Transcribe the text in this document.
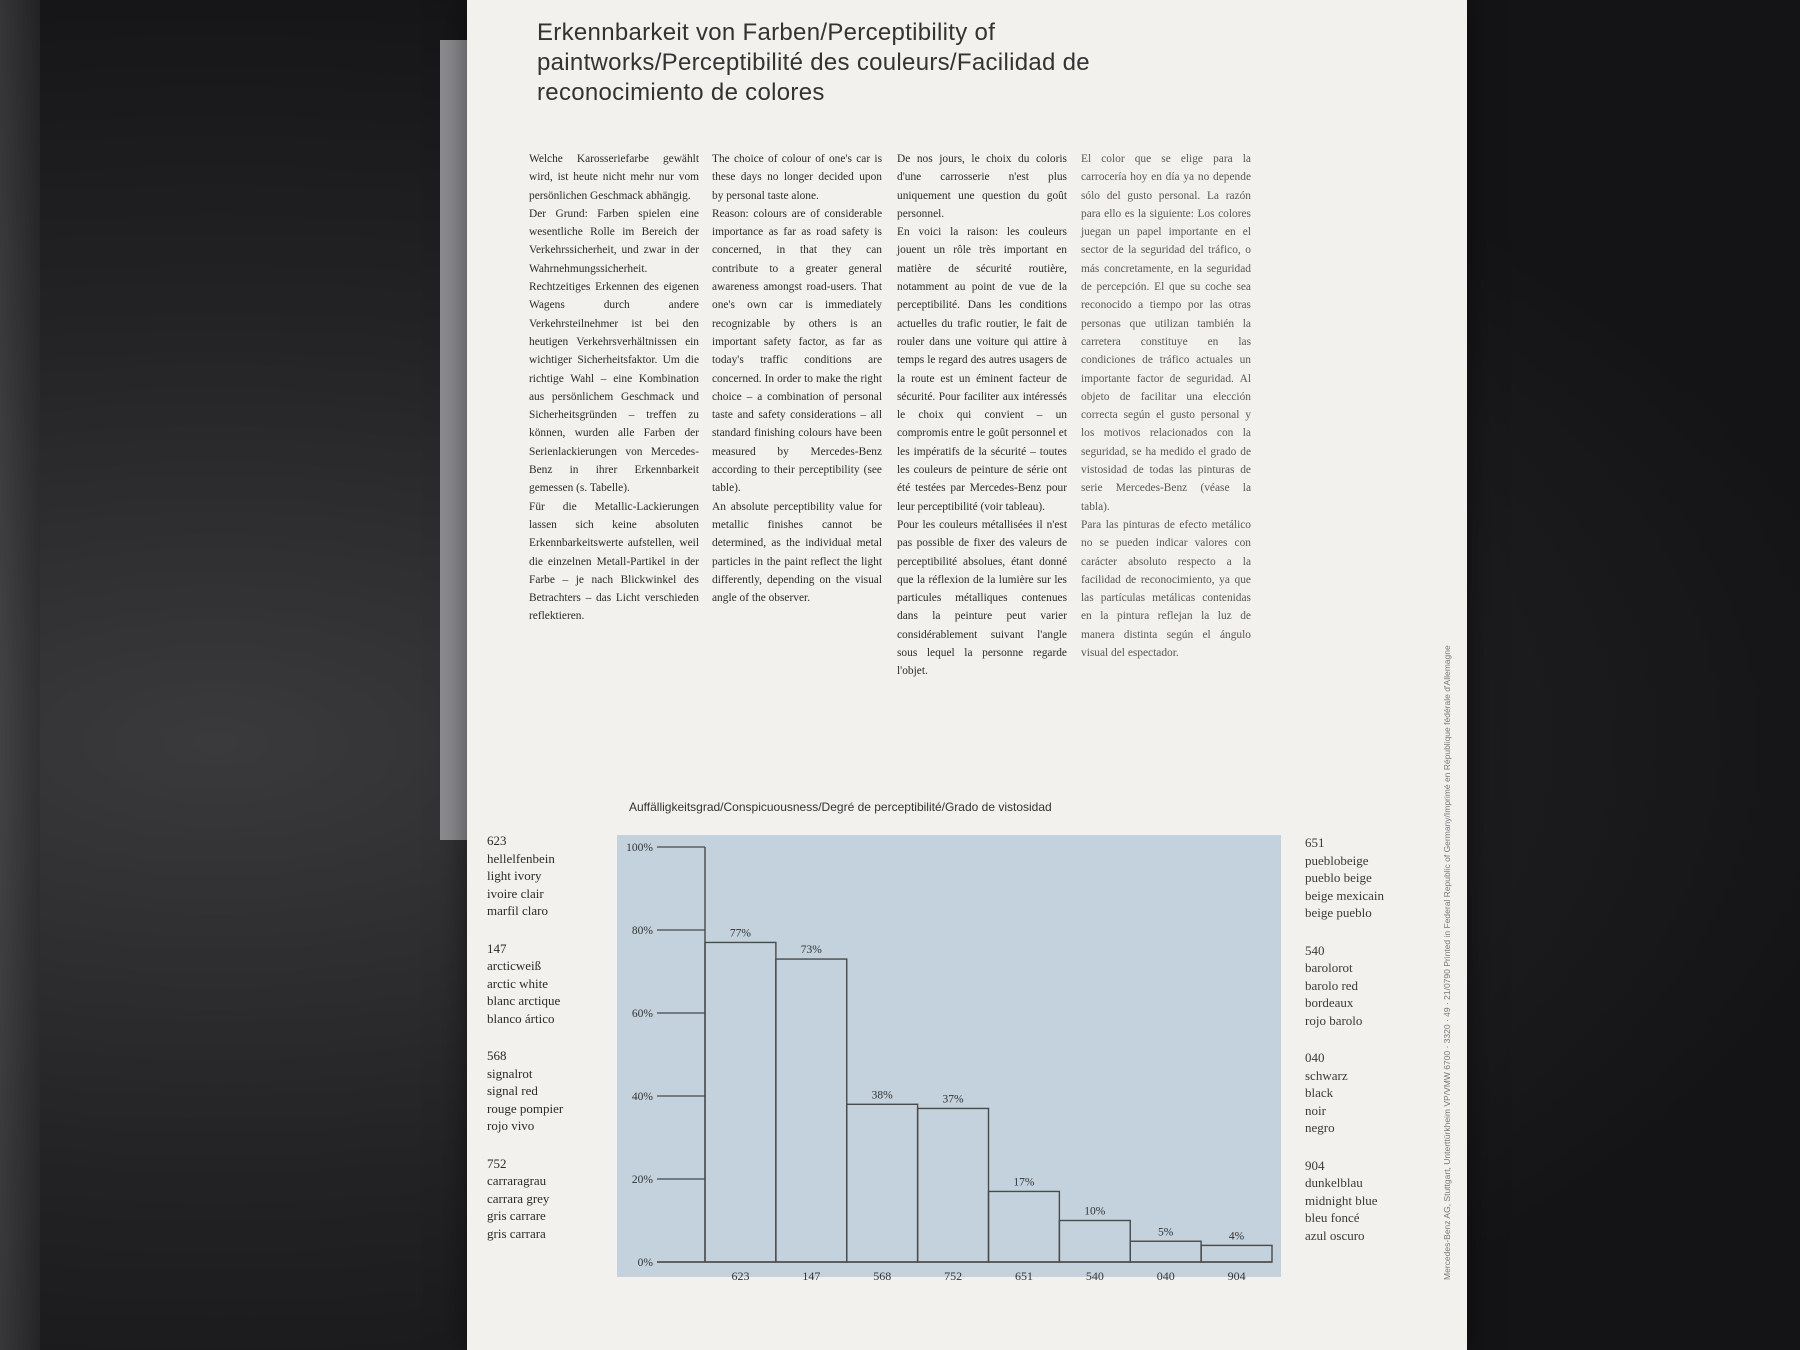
Erkennbarkeit von Farben/Perceptibility of
paintworks/Perceptibilité des couleurs/Facilidad de
reconocimiento de colores

Welche Karosseriefarbe gewählt wird, ist heute nicht mehr nur vom persönlichen Geschmack abhängig.

Der Grund: Farben spielen eine wesentliche Rolle im Bereich der Verkehrssicherheit, und zwar in der Wahrnehmungssicherheit. Rechtzeitiges Erkennen des eigenen Wagens durch andere Verkehrsteilnehmer ist bei den heutigen Verkehrsverhältnissen ein wichtiger Sicherheitsfaktor. Um die richtige Wahl – eine Kombination aus persönlichem Geschmack und Sicherheitsgründen – treffen zu können, wurden alle Farben der Serienlackierungen von Mercedes-Benz in ihrer Erkennbarkeit gemessen (s. Tabelle).

Für die Metallic-Lackierungen lassen sich keine absoluten Erkennbarkeitswerte aufstellen, weil die einzelnen Metall-Partikel in der Farbe – je nach Blickwinkel des Betrachters – das Licht verschieden reflektieren.

The choice of colour of one's car is these days no longer decided upon by personal taste alone.

Reason: colours are of considerable importance as far as road safety is concerned, in that they can contribute to a greater general awareness amongst road-users. That one's own car is immediately recognizable by others is an important safety factor, as far as today's traffic conditions are concerned. In order to make the right choice – a combination of personal taste and safety considerations – all standard finishing colours have been measured by Mercedes-Benz according to their perceptibility (see table).

An absolute perceptibility value for metallic finishes cannot be determined, as the individual metal particles in the paint reflect the light differently, depending on the visual angle of the observer.

De nos jours, le choix du coloris d'une carrosserie n'est plus uniquement une question du goût personnel.

En voici la raison: les couleurs jouent un rôle très important en matière de sécurité routière, notamment au point de vue de la perceptibilité. Dans les conditions actuelles du trafic routier, le fait de rouler dans une voiture qui attire à temps le regard des autres usagers de la route est un éminent facteur de sécurité. Pour faciliter aux intéressés le choix qui convient – un compromis entre le goût personnel et les impératifs de la sécurité – toutes les couleurs de peinture de série ont été testées par Mercedes-Benz pour leur perceptibilité (voir tableau).

Pour les couleurs métallisées il n'est pas possible de fixer des valeurs de perceptibilité absolues, étant donné que la réflexion de la lumière sur les particules métalliques contenues dans la peinture peut varier considérablement suivant l'angle sous lequel la personne regarde l'objet.

El color que se elige para la carrocería hoy en día ya no depende sólo del gusto personal. La razón para ello es la siguiente: Los colores juegan un papel importante en el sector de la seguridad del tráfico, o más concretamente, en la seguridad de percepción. El que su coche sea reconocido a tiempo por las otras personas que utilizan también la carretera constituye en las condiciones de tráfico actuales un importante factor de seguridad. Al objeto de facilitar una elección correcta según el gusto personal y los motivos relacionados con la seguridad, se ha medido el grado de vistosidad de todas las pinturas de serie Mercedes-Benz (véase la tabla).

Para las pinturas de efecto metálico no se pueden indicar valores con carácter absoluto respecto a la facilidad de reconocimiento, ya que las partículas metálicas contenidas en la pintura reflejan la luz de manera distinta según el ángulo visual del espectador.

Auffälligkeitsgrad/Conspicuousness/Degré de perceptibilité/Grado de vistosidad
623
hellelfenbein
light ivory
ivoire clair
marfil claro
147
arcticweiß
arctic white
blanc arctique
blanco ártico
568
signalrot
signal red
rouge pompier
rojo vivo
752
carraragrau
carrara grey
gris carrare
gris carrara
651
pueblobeige
pueblo beige
beige mexicain
beige pueblo
540
barolorot
barolo red
bordeaux
rojo barolo
040
schwarz
black
noir
negro
904
dunkelblau
midnight blue
bleu foncé
azul oscuro
0%
20%
40%
60%
80%
100%
77%
623
73%
147
38%
568
37%
752
17%
651
10%
540
5%
040
4%
904	Mercedes-Benz AG, Stuttgart, Unterttürkheim VP/VMW 6700 · 3320 · 49 · 21/0790 Printed in Federal Republic of Germany/Imprimé en République fédérale d'Allemagne
